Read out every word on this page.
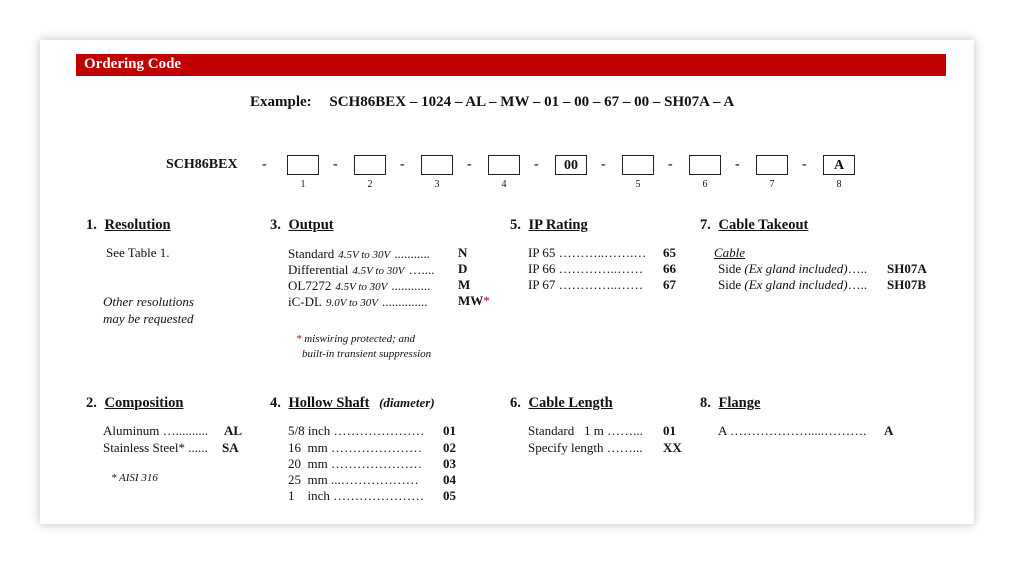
Ordering Code
Example: SCH86BEX – 1024 – AL – MW – 01 – 00 – 67 – 00 – SH07A – A
SCH86BEX -	-	-	-	-	00	-	-	-	-	A
1	2	3	4	5	6	7	8
1. Resolution
See Table 1.
Other resolutions
may be requested
3. Output
Standard 4.5V to 30V ........... N
Differential 4.5V to 30V ….... D
OL7272 4.5V to 30V ............ M
iC-DL 9.0V to 30V .............. MW*
* miswiring protected; and
built-in transient suppression
5. IP Rating
IP 65 ………..…….… 65
IP 66 …………..…… 66
IP 67 …………..…… 67
7. Cable Takeout
Cable
Side (Ex gland included)….. SH07A
Side (Ex gland included)….. SH07B
2. Composition
Aluminum ….......... AL
Stainless Steel* ...... SA
* AISI 316
4. Hollow Shaft (diameter)
5/8 inch ………………… 01
16  mm ………………… 02
20  mm ………………… 03
25  mm ...……………… 04
1    inch ………………… 05
6. Cable Length
Standard   1 m ……... 01
Specify length ……... XX
8. Flange
A ……………….....………. A
